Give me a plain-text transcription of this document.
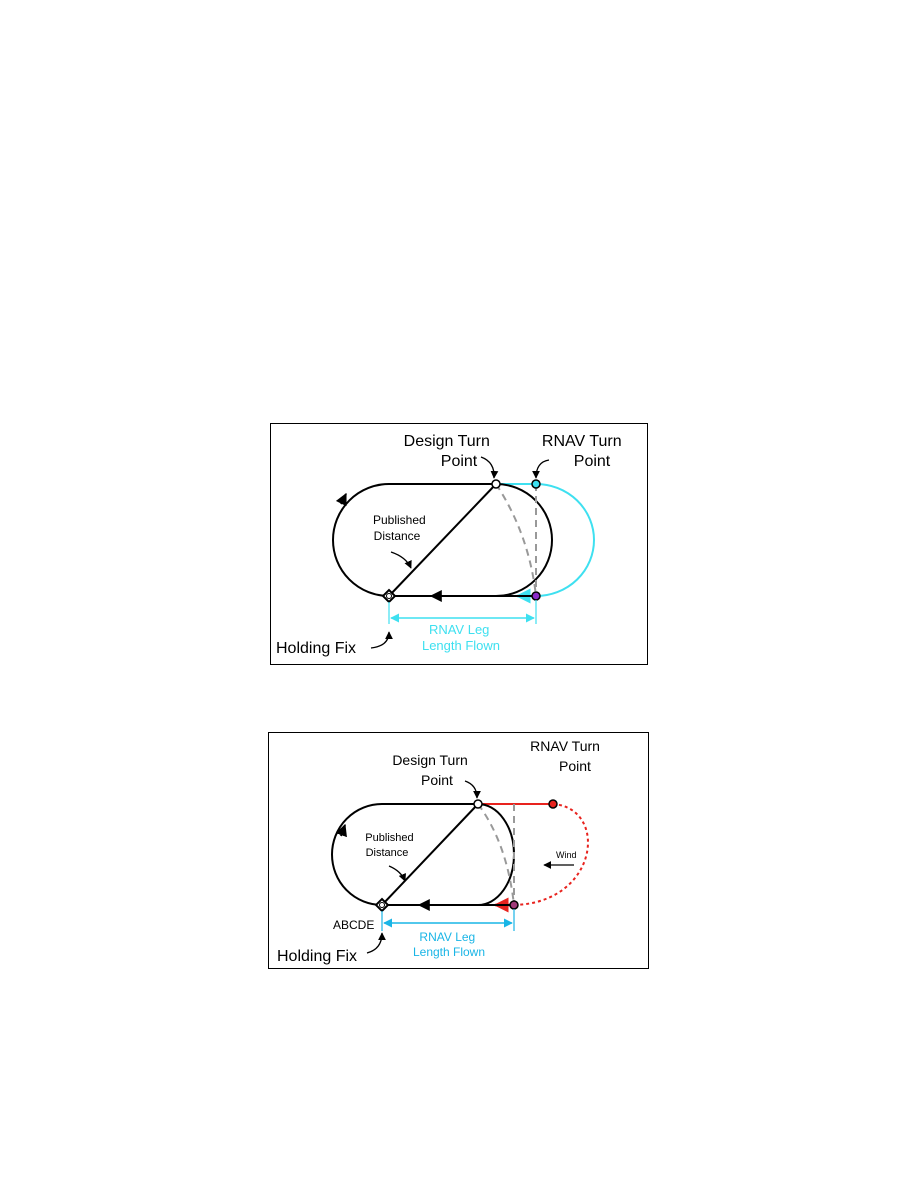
Design Turn Point
RNAV Turn Point
Published Distance
Holding Fix
RNAV Leg Length Flown
Design Turn Point
RNAV Turn Point
Published Distance	Wind
ABCDE
Holding Fix
RNAV Leg Length Flown
